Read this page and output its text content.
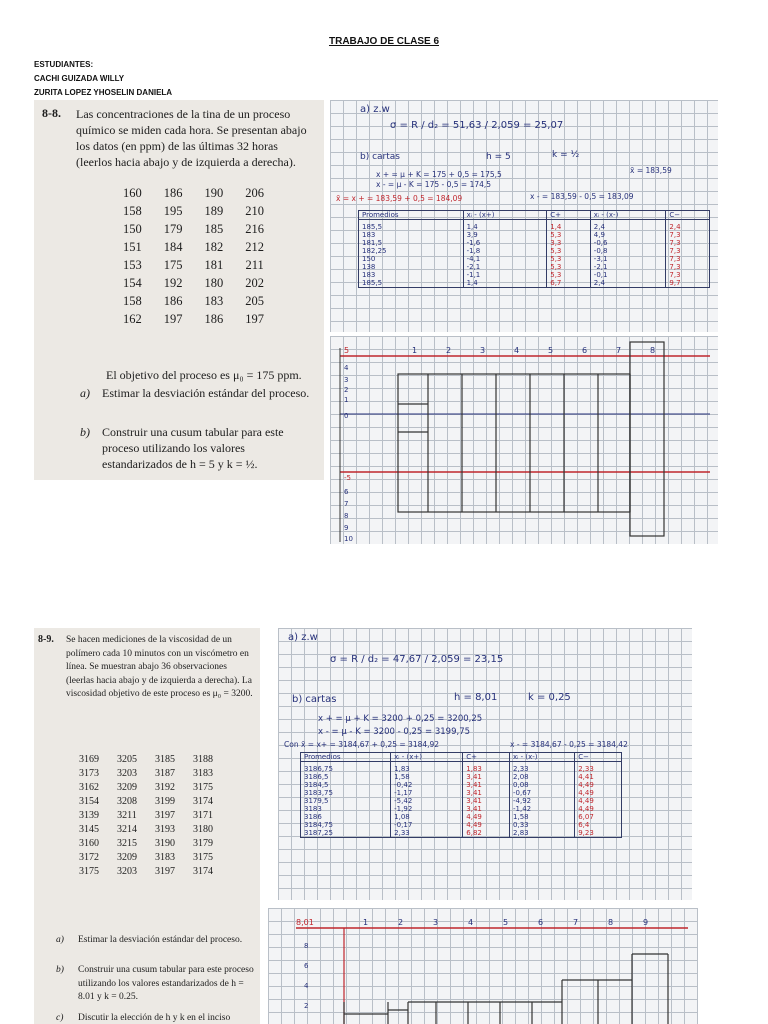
TRABAJO DE CLASE 6
ESTUDIANTES:
CACHI GUIZADA WILLY
ZURITA LOPEZ YHOSELIN DANIELA
8-8. Las concentraciones de la tina de un proceso químico se miden cada hora. Se presentan abajo los datos (en ppm) de las últimas 32 horas (leerlos hacia abajo y de izquierda a derecha).
160	186	190	206
158	195	189	210
150	179	185	216
151	184	182	212
153	175	181	211
154	192	180	202
158	186	183	205
162	197	186	197
El objetivo del proceso es μ₀ = 175 ppm.
a)	Estimar la desviación estándar del proceso.
b)	Construir una cusum tabular para este proceso utilizando los valores estandarizados de h = 5 y k = ½.
a) z.w
σ = R / d₂ = 51,63 / 2,059 = 25,07
b) cartas	h = 5	k = ½
x̄ = 183,59
x + = μ + K = 175 + 0,5 = 175,5
x - = μ - K = 175 - 0,5 = 174,5
x̄ = x + = 183,59 + 0,5 = 184,09	x - = 183,59 - 0,5 = 183,09
Promedios	xᵢ - (x+)	C+	xᵢ - (x-)	C−
185,5	1,4	1,4	2,4	2,4
183	3,9	5,3	4,9	7,3
181,5	-1,6	3,3	-0,6	7,3
182,25	-1,8	5,3	-0,8	7,3
150	-4,1	5,3	-3,1	7,3
138	-2,1	5,3	-2,1	7,3
183	-1,1	5,3	-0,1	7,3
185,5	1,4	6,7	2,4	9,7
5	1	2	3	4	5	6	7	8
4
3
2
1
0
-5
6
7
8
9
10
8-9. Se hacen mediciones de la viscosidad de un polímero cada 10 minutos con un viscómetro en línea. Se muestran abajo 36 observaciones (leerlas hacia abajo y de izquierda a derecha). La viscosidad objetivo de este proceso es μ₀ = 3200.
3169	3205	3185	3188
3173	3203	3187	3183
3162	3209	3192	3175
3154	3208	3199	3174
3139	3211	3197	3171
3145	3214	3193	3180
3160	3215	3190	3179
3172	3209	3183	3175
3175	3203	3197	3174
a)	Estimar la desviación estándar del proceso.
b)	Construir una cusum tabular para este proceso utilizando los valores estandarizados de h = 8.01 y k = 0.25.
c)	Discutir la elección de h y k en el inciso
a) z.w
σ = R / d₂ = 47,67 / 2,059 = 23,15
b) cartas	h = 8,01	k = 0,25
x + = μ + K = 3200 + 0,25 = 3200,25
x - = μ - K = 3200 - 0,25 = 3199,75
Con x̄ = x+ = 3184,67 + 0,25 = 3184,92	x - = 3184,67 - 0,25 = 3184,42
Promedios	xᵢ - (x+)	C+	xᵢ - (x-)	C−
3186,75	1,83	1,83	2,33	2,33
3186,5	1,58	3,41	2,08	4,41
3184,5	-0,42	3,41	0,08	4,49
3183,75	-1,17	3,41	-0,67	4,49
3179,5	-5,42	3,41	-4,92	4,49
3183	-1,92	3,41	-1,42	4,49
3186	1,08	4,49	1,58	6,07
3184,75	-0,17	4,49	0,33	6,4
3187,25	2,33	6,82	2,83	9,23
8,01	1	2	3	4	5	6	7	8	9
8
6
4
2
